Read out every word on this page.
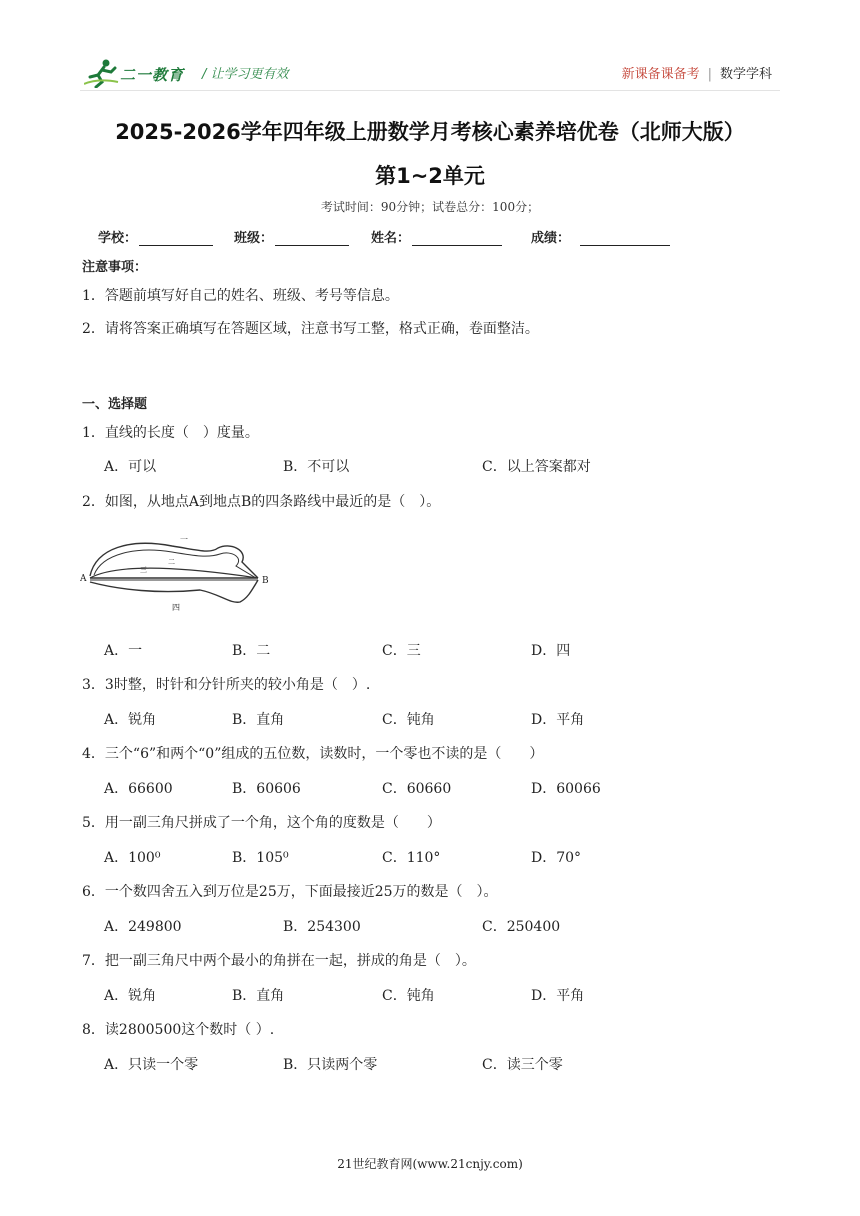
二一教育 / 让学习更有效	新课备课备考 | 数学学科
2025-2026学年四年级上册数学月考核心素养培优卷（北师大版）
第1~2单元
考试时间：90分钟；试卷总分：100分；
学校：	班级：	姓名：	成绩：
注意事项：
1．答题前填写好自己的姓名、班级、考号等信息。
2．请将答案正确填写在答题区域，注意书写工整，格式正确，卷面整洁。
一、选择题
1．直线的长度（　）度量。
A．可以	B．不可以	C．以上答案都对
2．如图，从地点A到地点B的四条路线中最近的是（　）。
A	B
一
二
三
四
A．一	B．二	C．三	D．四
3．3时整，时针和分针所夹的较小角是（　）.
A．锐角	B．直角	C．钝角	D．平角
4．三个“6”和两个“0”组成的五位数，读数时，一个零也不读的是（　　）
A．66600	B．60606	C．60660	D．60066
5．用一副三角尺拼成了一个角，这个角的度数是（　　）
A．100⁰	B．105⁰	C．110°	D．70°
6．一个数四舍五入到万位是25万，下面最接近25万的数是（　）。
A．249800	B．254300	C．250400
7．把一副三角尺中两个最小的角拼在一起，拼成的角是（　）。
A．锐角	B．直角	C．钝角	D．平角
8．读2800500这个数时（ ）.
A．只读一个零	B．只读两个零	C．读三个零
21世纪教育网(www.21cnjy.com)
